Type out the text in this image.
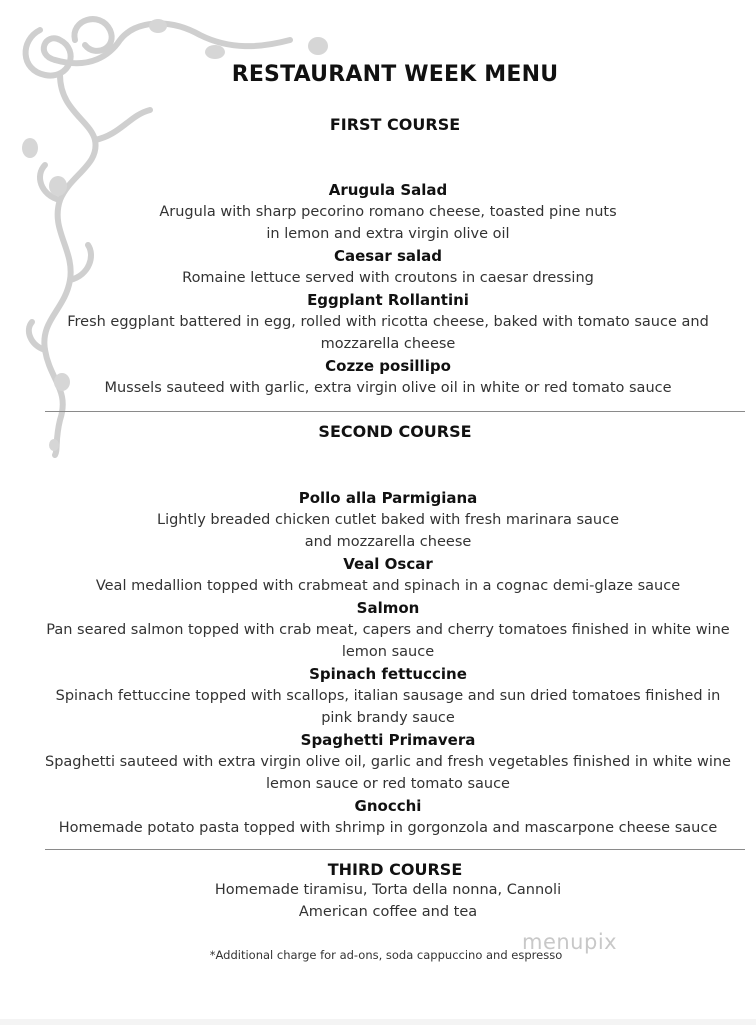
RESTAURANT WEEK MENU
FIRST COURSE

Arugula Salad

Arugula with sharp pecorino romano cheese, toasted pine nuts

in lemon and extra virgin olive oil

Caesar salad

Romaine lettuce served with croutons in caesar dressing

Eggplant Rollantini

Fresh eggplant battered in egg, rolled with ricotta cheese, baked with tomato sauce and

mozzarella cheese

Cozze posillipo

Mussels sauteed with garlic, extra virgin olive oil in white or red tomato sauce

SECOND COURSE

Pollo alla Parmigiana

Lightly breaded chicken cutlet baked with fresh marinara sauce

and mozzarella cheese

Veal Oscar

Veal medallion topped with crabmeat and spinach in a cognac demi-glaze sauce

Salmon

Pan seared salmon topped with crab meat, capers and cherry tomatoes finished in white wine

lemon sauce

Spinach fettuccine

Spinach fettuccine topped with scallops, italian sausage and sun dried tomatoes finished in

pink brandy sauce

Spaghetti Primavera

Spaghetti sauteed with extra virgin olive oil, garlic and fresh vegetables finished in white wine

lemon sauce or red tomato sauce

Gnocchi

Homemade potato pasta topped with shrimp in gorgonzola and mascarpone cheese sauce

THIRD COURSE

Homemade tiramisu, Torta della nonna, Cannoli

American coffee and tea

*Additional charge for ad-ons, soda cappuccino and espresso

menupix
